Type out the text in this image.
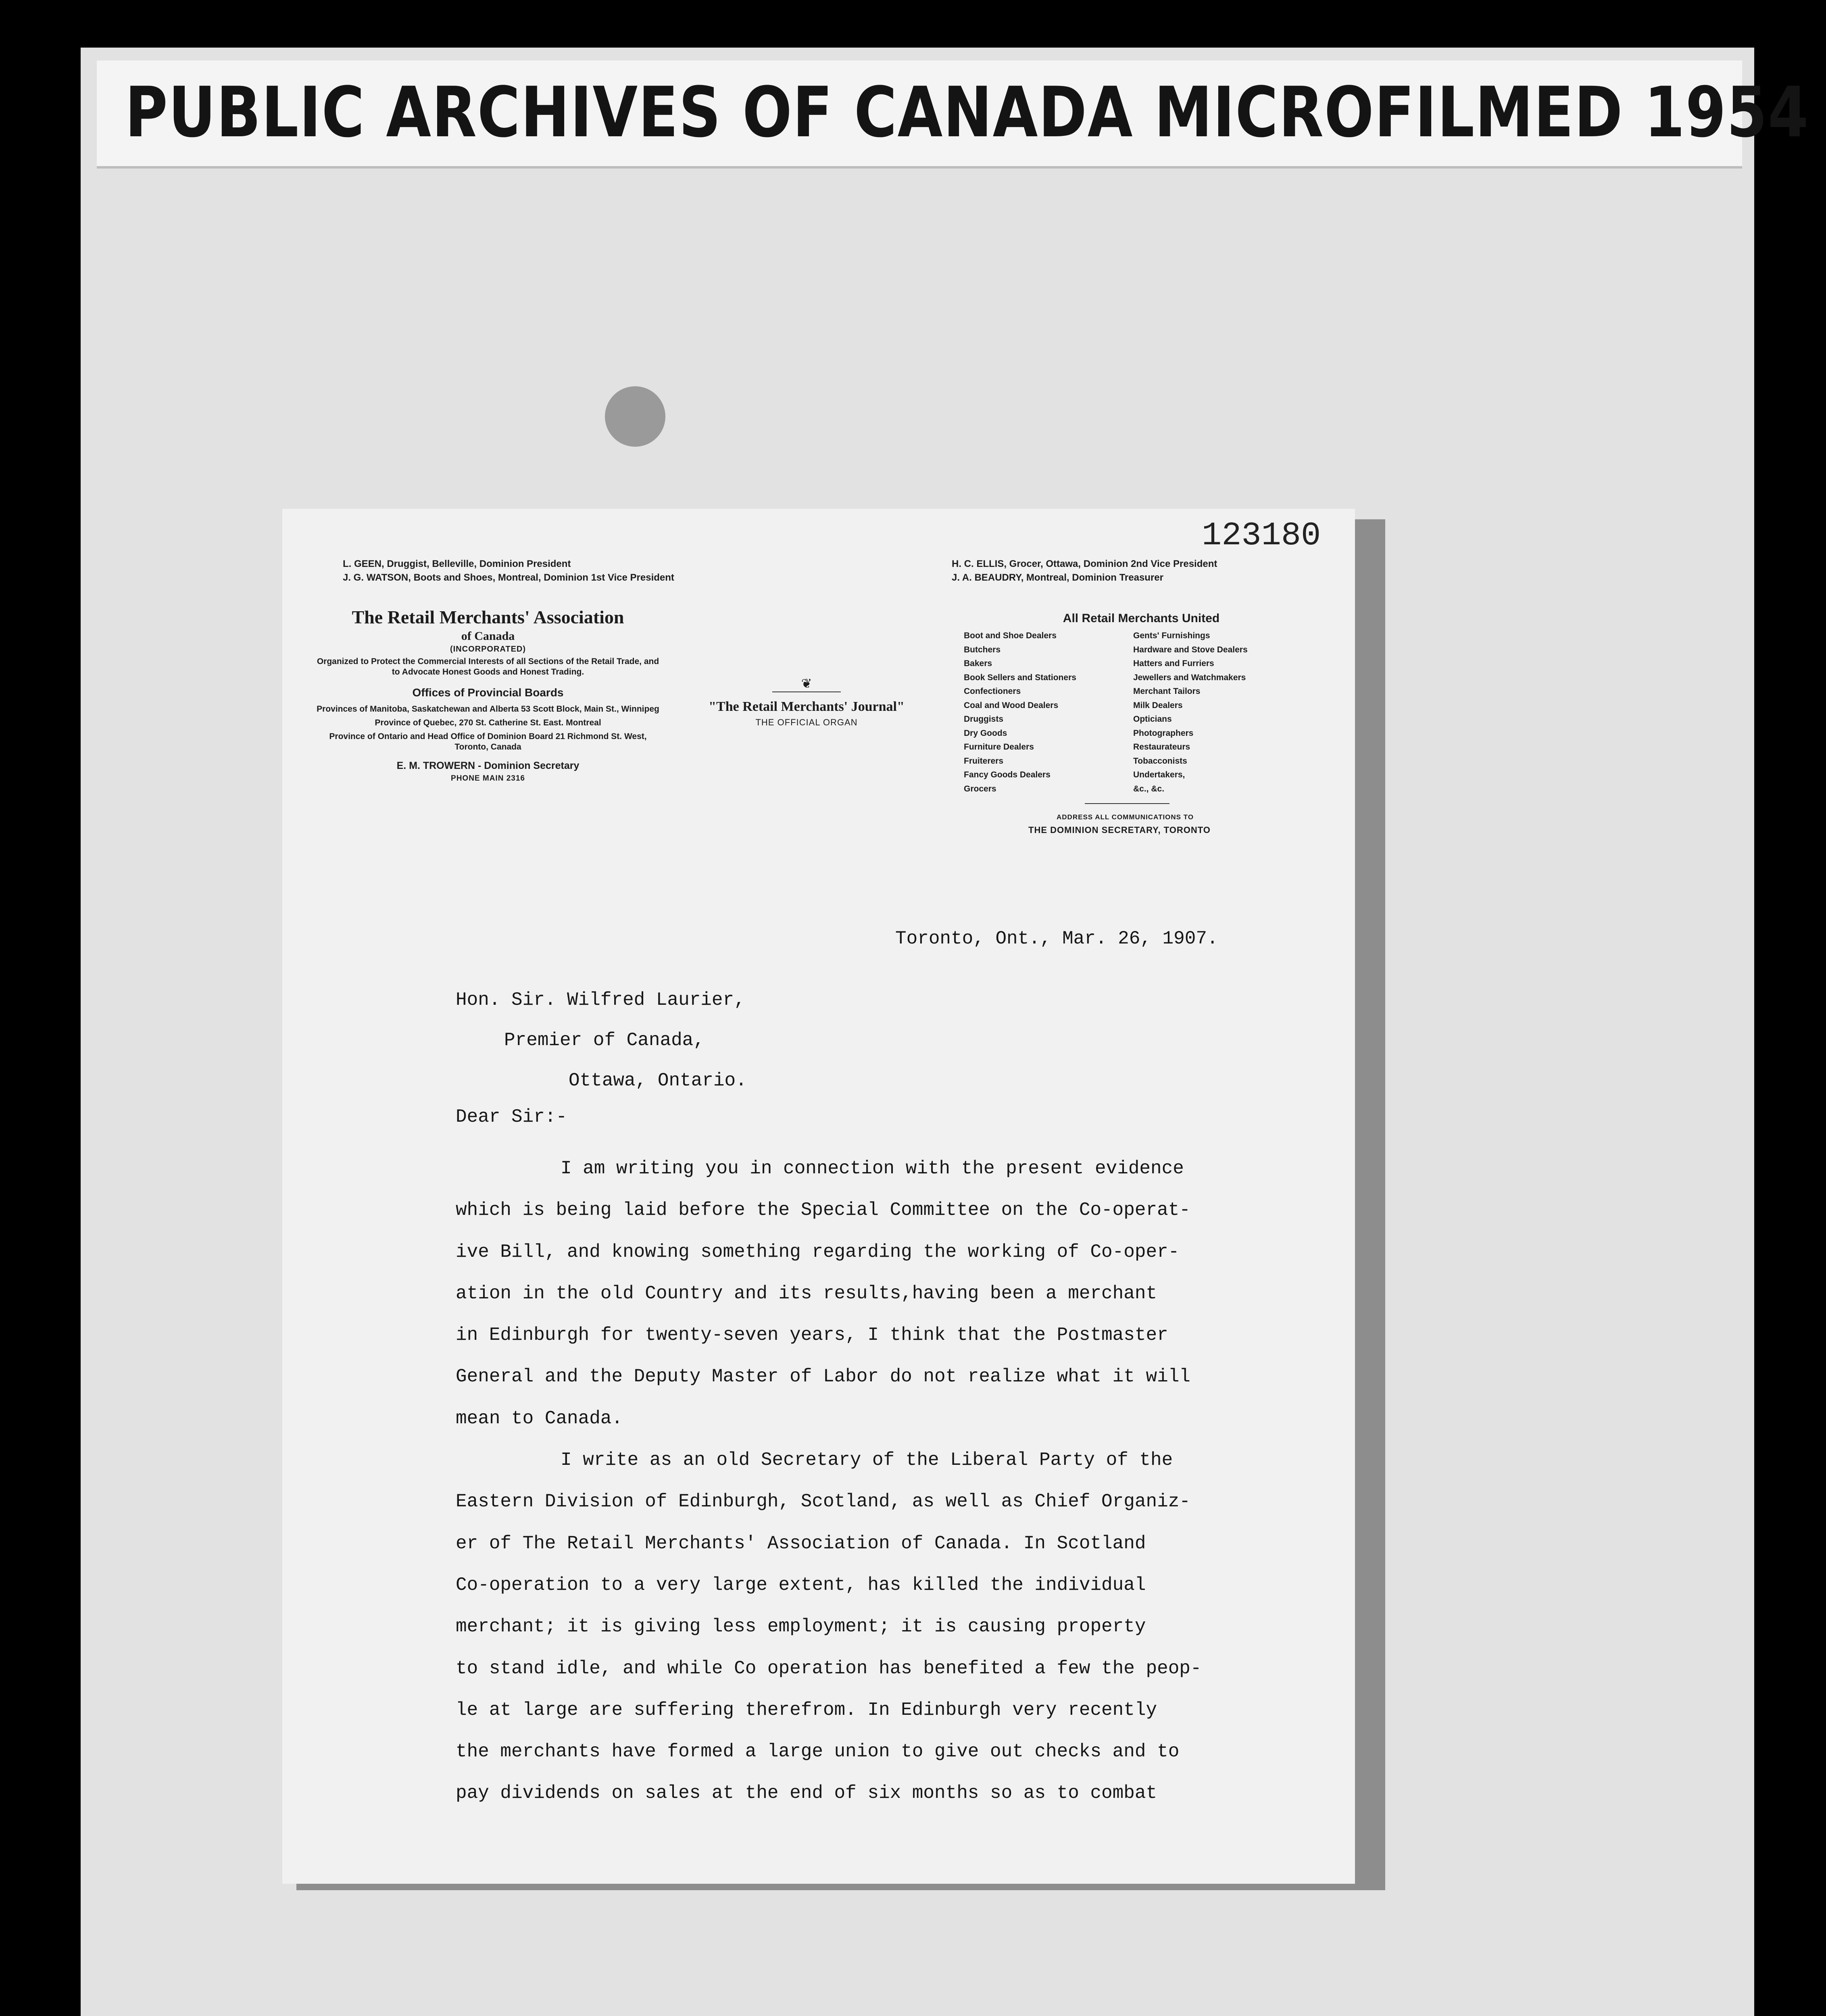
PUBLIC ARCHIVES OF CANADA MICROFILMED 1954
123180
L. GEEN, Druggist, Belleville, Dominion President
J. G. WATSON, Boots and Shoes, Montreal, Dominion 1st Vice President
H. C. ELLIS, Grocer, Ottawa, Dominion 2nd Vice President
J. A. BEAUDRY, Montreal, Dominion Treasurer
The Retail Merchants' Association
of Canada
(INCORPORATED)
Organized to Protect the Commercial Interests of all Sections of the Retail Trade, and to Advocate Honest Goods and Honest Trading.
Offices of Provincial Boards
Provinces of Manitoba, Saskatchewan and Alberta 53 Scott Block, Main St., Winnipeg
Province of Quebec, 270 St. Catherine St. East. Montreal
Province of Ontario and Head Office of Dominion Board 21 Richmond St. West, Toronto, Canada
E. M. TROWERN - Dominion Secretary
PHONE MAIN 2316
❦
"The Retail Merchants' Journal"
THE OFFICIAL ORGAN
All Retail Merchants United
Boot and Shoe Dealers
Butchers
Bakers
Book Sellers and Stationers
Confectioners
Coal and Wood Dealers
Druggists
Dry Goods
Furniture Dealers
Fruiterers
Fancy Goods Dealers
Grocers
Gents' Furnishings
Hardware and Stove Dealers
Hatters and Furriers
Jewellers and Watchmakers
Merchant Tailors
Milk Dealers
Opticians
Photographers
Restaurateurs
Tobacconists
Undertakers,
&c., &c.
ADDRESS ALL COMMUNICATIONS TO
THE DOMINION SECRETARY, TORONTO
Toronto, Ont., Mar. 26, 1907.
Hon. Sir. Wilfred Laurier,
Premier of Canada,
Ottawa, Ontario.
Dear Sir:-
I am writing you in connection with the present evidence
which is being laid before the Special Committee on the Co-operat-
ive Bill, and knowing something regarding the working of Co-oper-
ation in the old Country and its results,having been a merchant
in Edinburgh for twenty-seven years, I think that the Postmaster
General and the Deputy Master of Labor do not realize what it will
mean to Canada.
I write as an old Secretary of the Liberal Party of the
Eastern Division of Edinburgh, Scotland, as well as Chief Organiz-
er of The Retail Merchants' Association of Canada. In Scotland
Co-operation to a very large extent, has killed the individual
merchant; it is giving less employment; it is causing property
to stand idle, and while Co operation has benefited a few the peop-
le at large are suffering therefrom. In Edinburgh very recently
the merchants have formed a large union to give out checks and to
pay dividends on sales at the end of six months so as to combat
